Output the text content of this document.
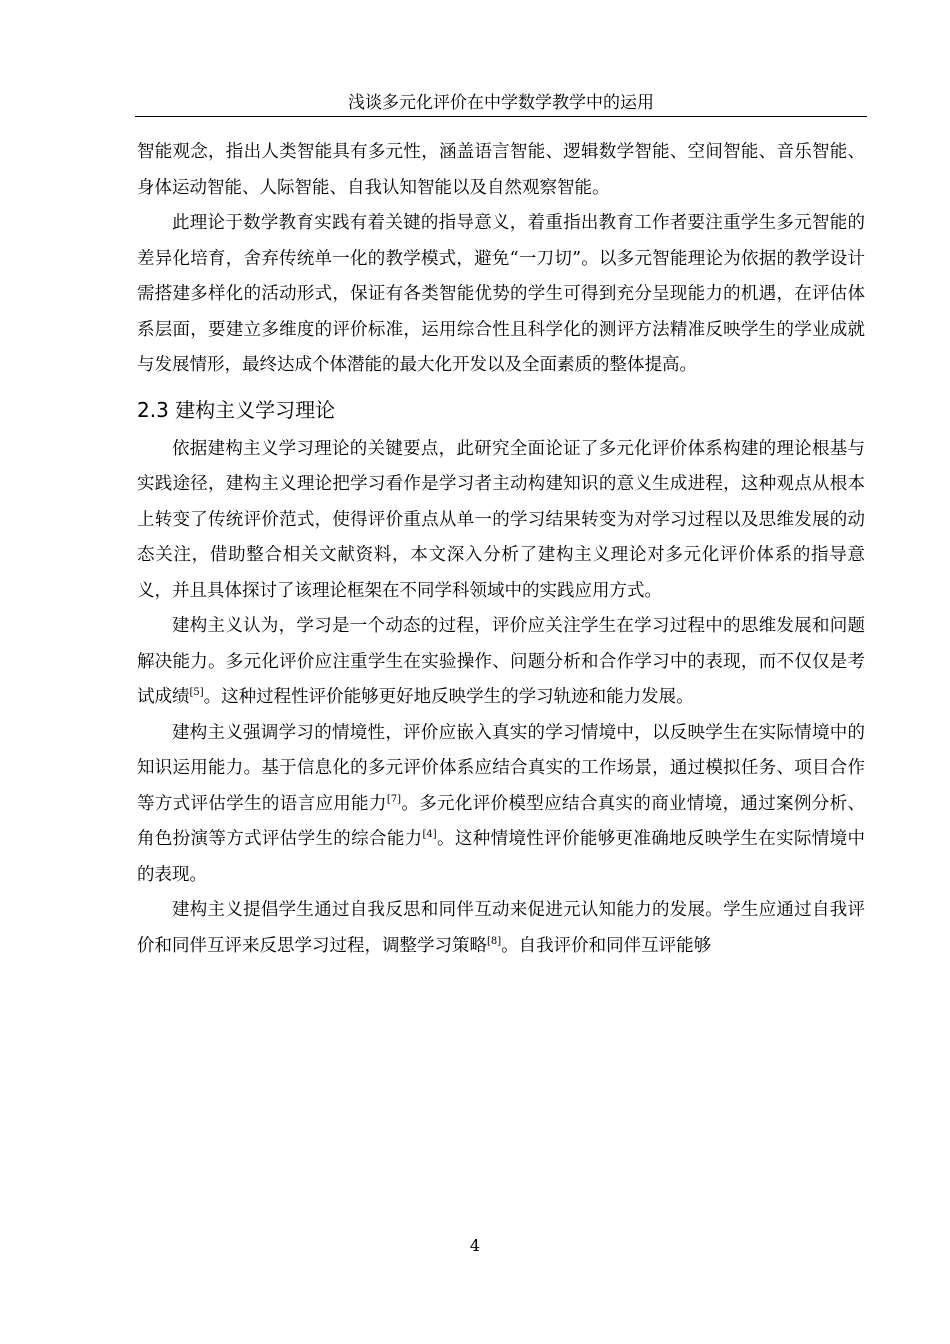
浅谈多元化评价在中学数学教学中的运用

智能观念，指出人类智能具有多元性，涵盖语言智能、逻辑数学智能、空间智能、音乐智能、身体运动智能、人际智能、自我认知智能以及自然观察智能。

此理论于数学教育实践有着关键的指导意义，着重指出教育工作者要注重学生多元智能的差异化培育，舍弃传统单一化的教学模式，避免“一刀切”。以多元智能理论为依据的教学设计需搭建多样化的活动形式，保证有各类智能优势的学生可得到充分呈现能力的机遇，在评估体系层面，要建立多维度的评价标准，运用综合性且科学化的测评方法精准反映学生的学业成就与发展情形，最终达成个体潜能的最大化开发以及全面素质的整体提高。

2.3 建构主义学习理论

依据建构主义学习理论的关键要点，此研究全面论证了多元化评价体系构建的理论根基与实践途径，建构主义理论把学习看作是学习者主动构建知识的意义生成进程，这种观点从根本上转变了传统评价范式，使得评价重点从单一的学习结果转变为对学习过程以及思维发展的动态关注，借助整合相关文献资料，本文深入分析了建构主义理论对多元化评价体系的指导意义，并且具体探讨了该理论框架在不同学科领域中的实践应用方式。

建构主义认为，学习是一个动态的过程，评价应关注学生在学习过程中的思维发展和问题解决能力。多元化评价应注重学生在实验操作、问题分析和合作学习中的表现，而不仅仅是考试成绩[5]。这种过程性评价能够更好地反映学生的学习轨迹和能力发展。

建构主义强调学习的情境性，评价应嵌入真实的学习情境中，以反映学生在实际情境中的知识运用能力。基于信息化的多元评价体系应结合真实的工作场景，通过模拟任务、项目合作等方式评估学生的语言应用能力[7]。多元化评价模型应结合真实的商业情境，通过案例分析、角色扮演等方式评估学生的综合能力[4]。这种情境性评价能够更准确地反映学生在实际情境中的表现。

建构主义提倡学生通过自我反思和同伴互动来促进元认知能力的发展。学生应通过自我评价和同伴互评来反思学习过程，调整学习策略[8]。自我评价和同伴互评能够

4
